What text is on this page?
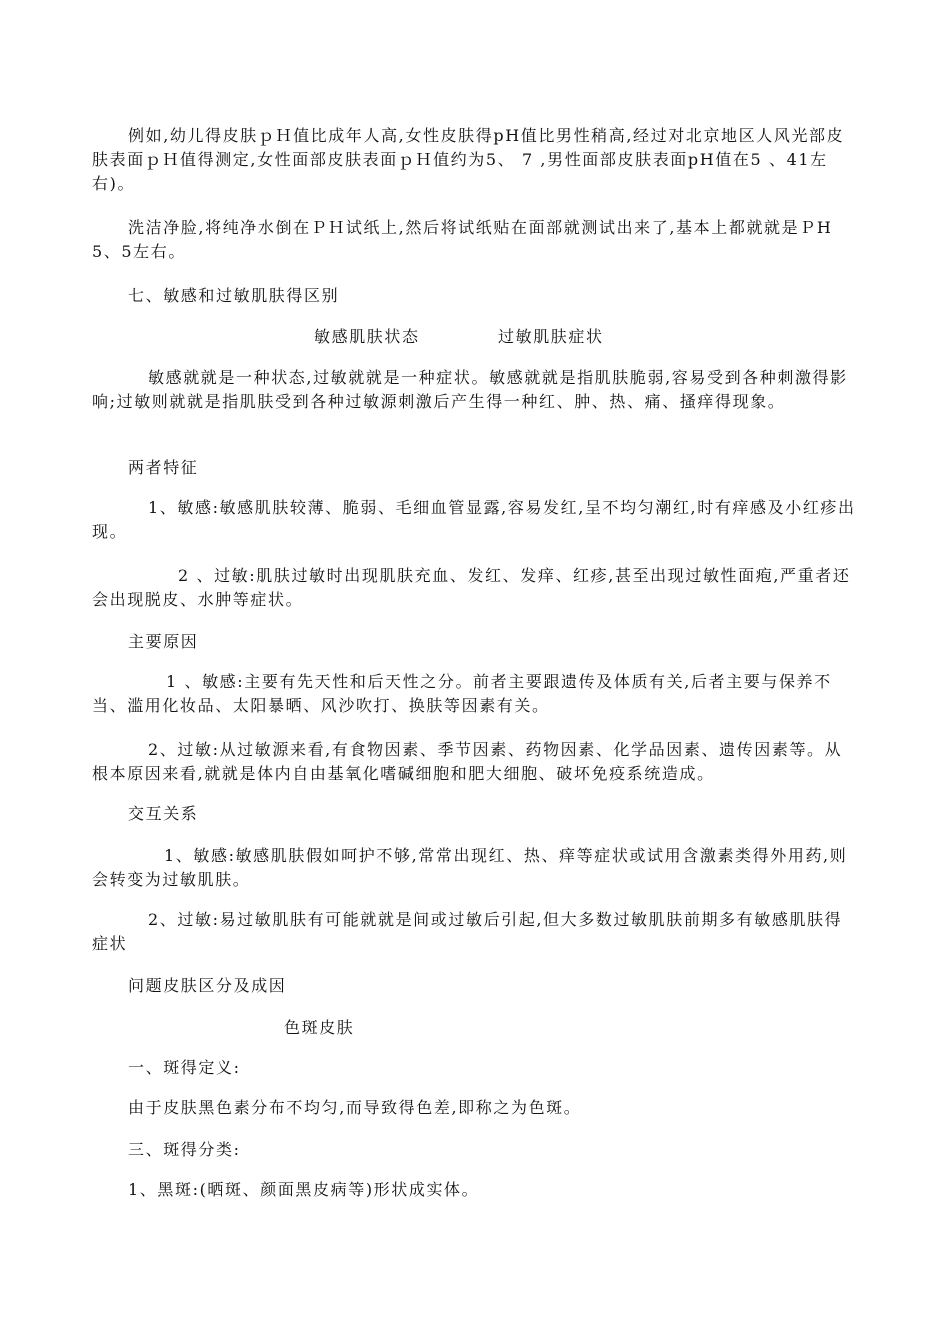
例如,幼儿得皮肤ｐＨ值比成年人高,女性皮肤得pH值比男性稍高,经过对北京地区人风光部皮肤表面ｐＨ值得测定,女性面部皮肤表面ｐＨ值约为5、 7 ,男性面部皮肤表面pH值在5 、41左右)。

洗洁净脸,将纯净水倒在ＰＨ试纸上,然后将试纸贴在面部就测试出来了,基本上都就就是ＰH5、5左右。

七、敏感和过敏肌肤得区别

敏感肌肤状态	过敏肌肤症状

敏感就就是一种状态,过敏就就是一种症状。敏感就就是指肌肤脆弱,容易受到各种刺激得影响;过敏则就就是指肌肤受到各种过敏源刺激后产生得一种红、肿、热、痛、搔痒得现象。

两者特征

1、敏感:敏感肌肤较薄、脆弱、毛细血管显露,容易发红,呈不均匀潮红,时有痒感及小红疹出现。

2 、过敏:肌肤过敏时出现肌肤充血、发红、发痒、红疹,甚至出现过敏性面疱,严重者还会出现脱皮、水肿等症状。

主要原因

1 、敏感:主要有先天性和后天性之分。前者主要跟遗传及体质有关,后者主要与保养不当、滥用化妆品、太阳暴晒、风沙吹打、换肤等因素有关。

2、过敏:从过敏源来看,有食物因素、季节因素、药物因素、化学品因素、遗传因素等。从根本原因来看,就就是体内自由基氧化嗜碱细胞和肥大细胞、破坏免疫系统造成。

交互关系

1、敏感:敏感肌肤假如呵护不够,常常出现红、热、痒等症状或试用含激素类得外用药,则会转变为过敏肌肤。

2、过敏:易过敏肌肤有可能就就是间或过敏后引起,但大多数过敏肌肤前期多有敏感肌肤得症状

问题皮肤区分及成因

色斑皮肤

一、斑得定义:

由于皮肤黑色素分布不均匀,而导致得色差,即称之为色斑。

三、斑得分类:

1、黑斑:(晒斑、颜面黑皮病等)形状成实体。
